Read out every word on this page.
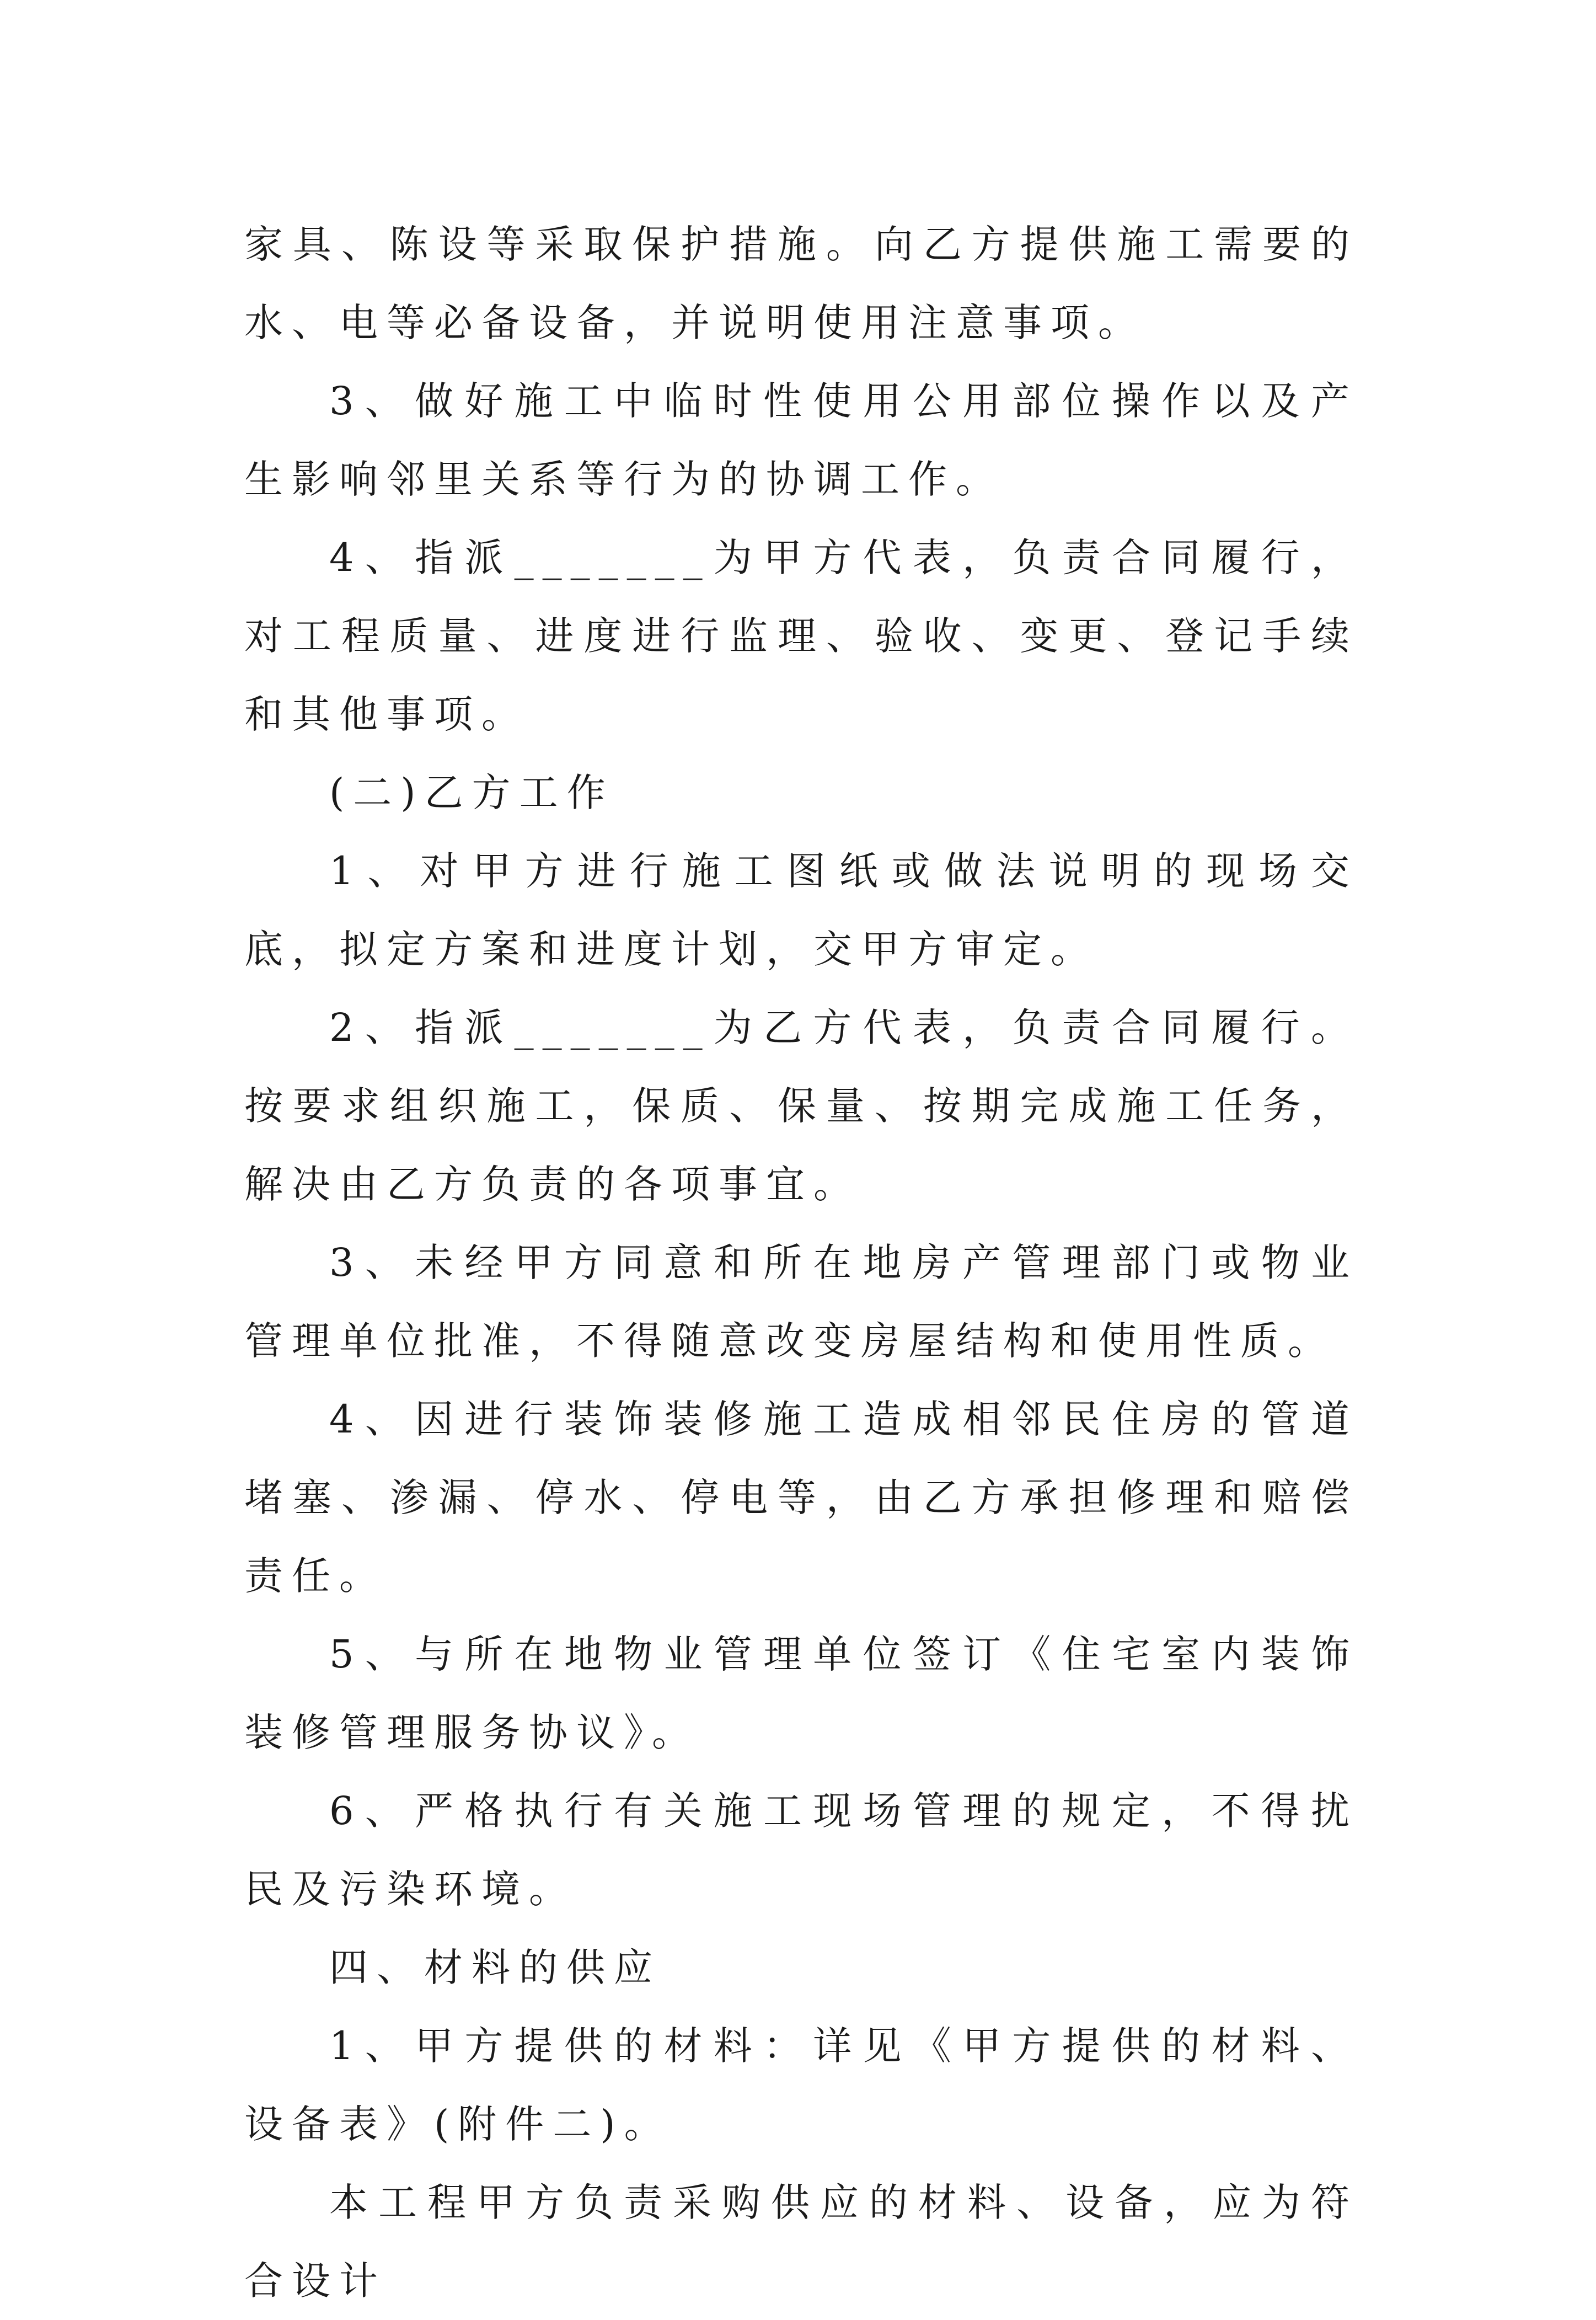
家具、陈设等采取保护措施。向乙方提供施工需要的水、电等必备设备，并说明使用注意事项。

3、做好施工中临时性使用公用部位操作以及产生影响邻里关系等行为的协调工作。

4、指派_______为甲方代表，负责合同履行，对工程质量、进度进行监理、验收、变更、登记手续和其他事项。

(二)乙方工作

1、对甲方进行施工图纸或做法说明的现场交底，拟定方案和进度计划，交甲方审定。

2、指派_______为乙方代表，负责合同履行。按要求组织施工，保质、保量、按期完成施工任务，解决由乙方负责的各项事宜。

3、未经甲方同意和所在地房产管理部门或物业管理单位批准，不得随意改变房屋结构和使用性质。

4、因进行装饰装修施工造成相邻民住房的管道堵塞、渗漏、停水、停电等，由乙方承担修理和赔偿责任。

5、与所在地物业管理单位签订《住宅室内装饰装修管理服务协议》。

6、严格执行有关施工现场管理的规定，不得扰民及污染环境。

四、材料的供应

1、甲方提供的材料：详见《甲方提供的材料、设备表》(附件二)。

本工程甲方负责采购供应的材料、设备，应为符合设计
